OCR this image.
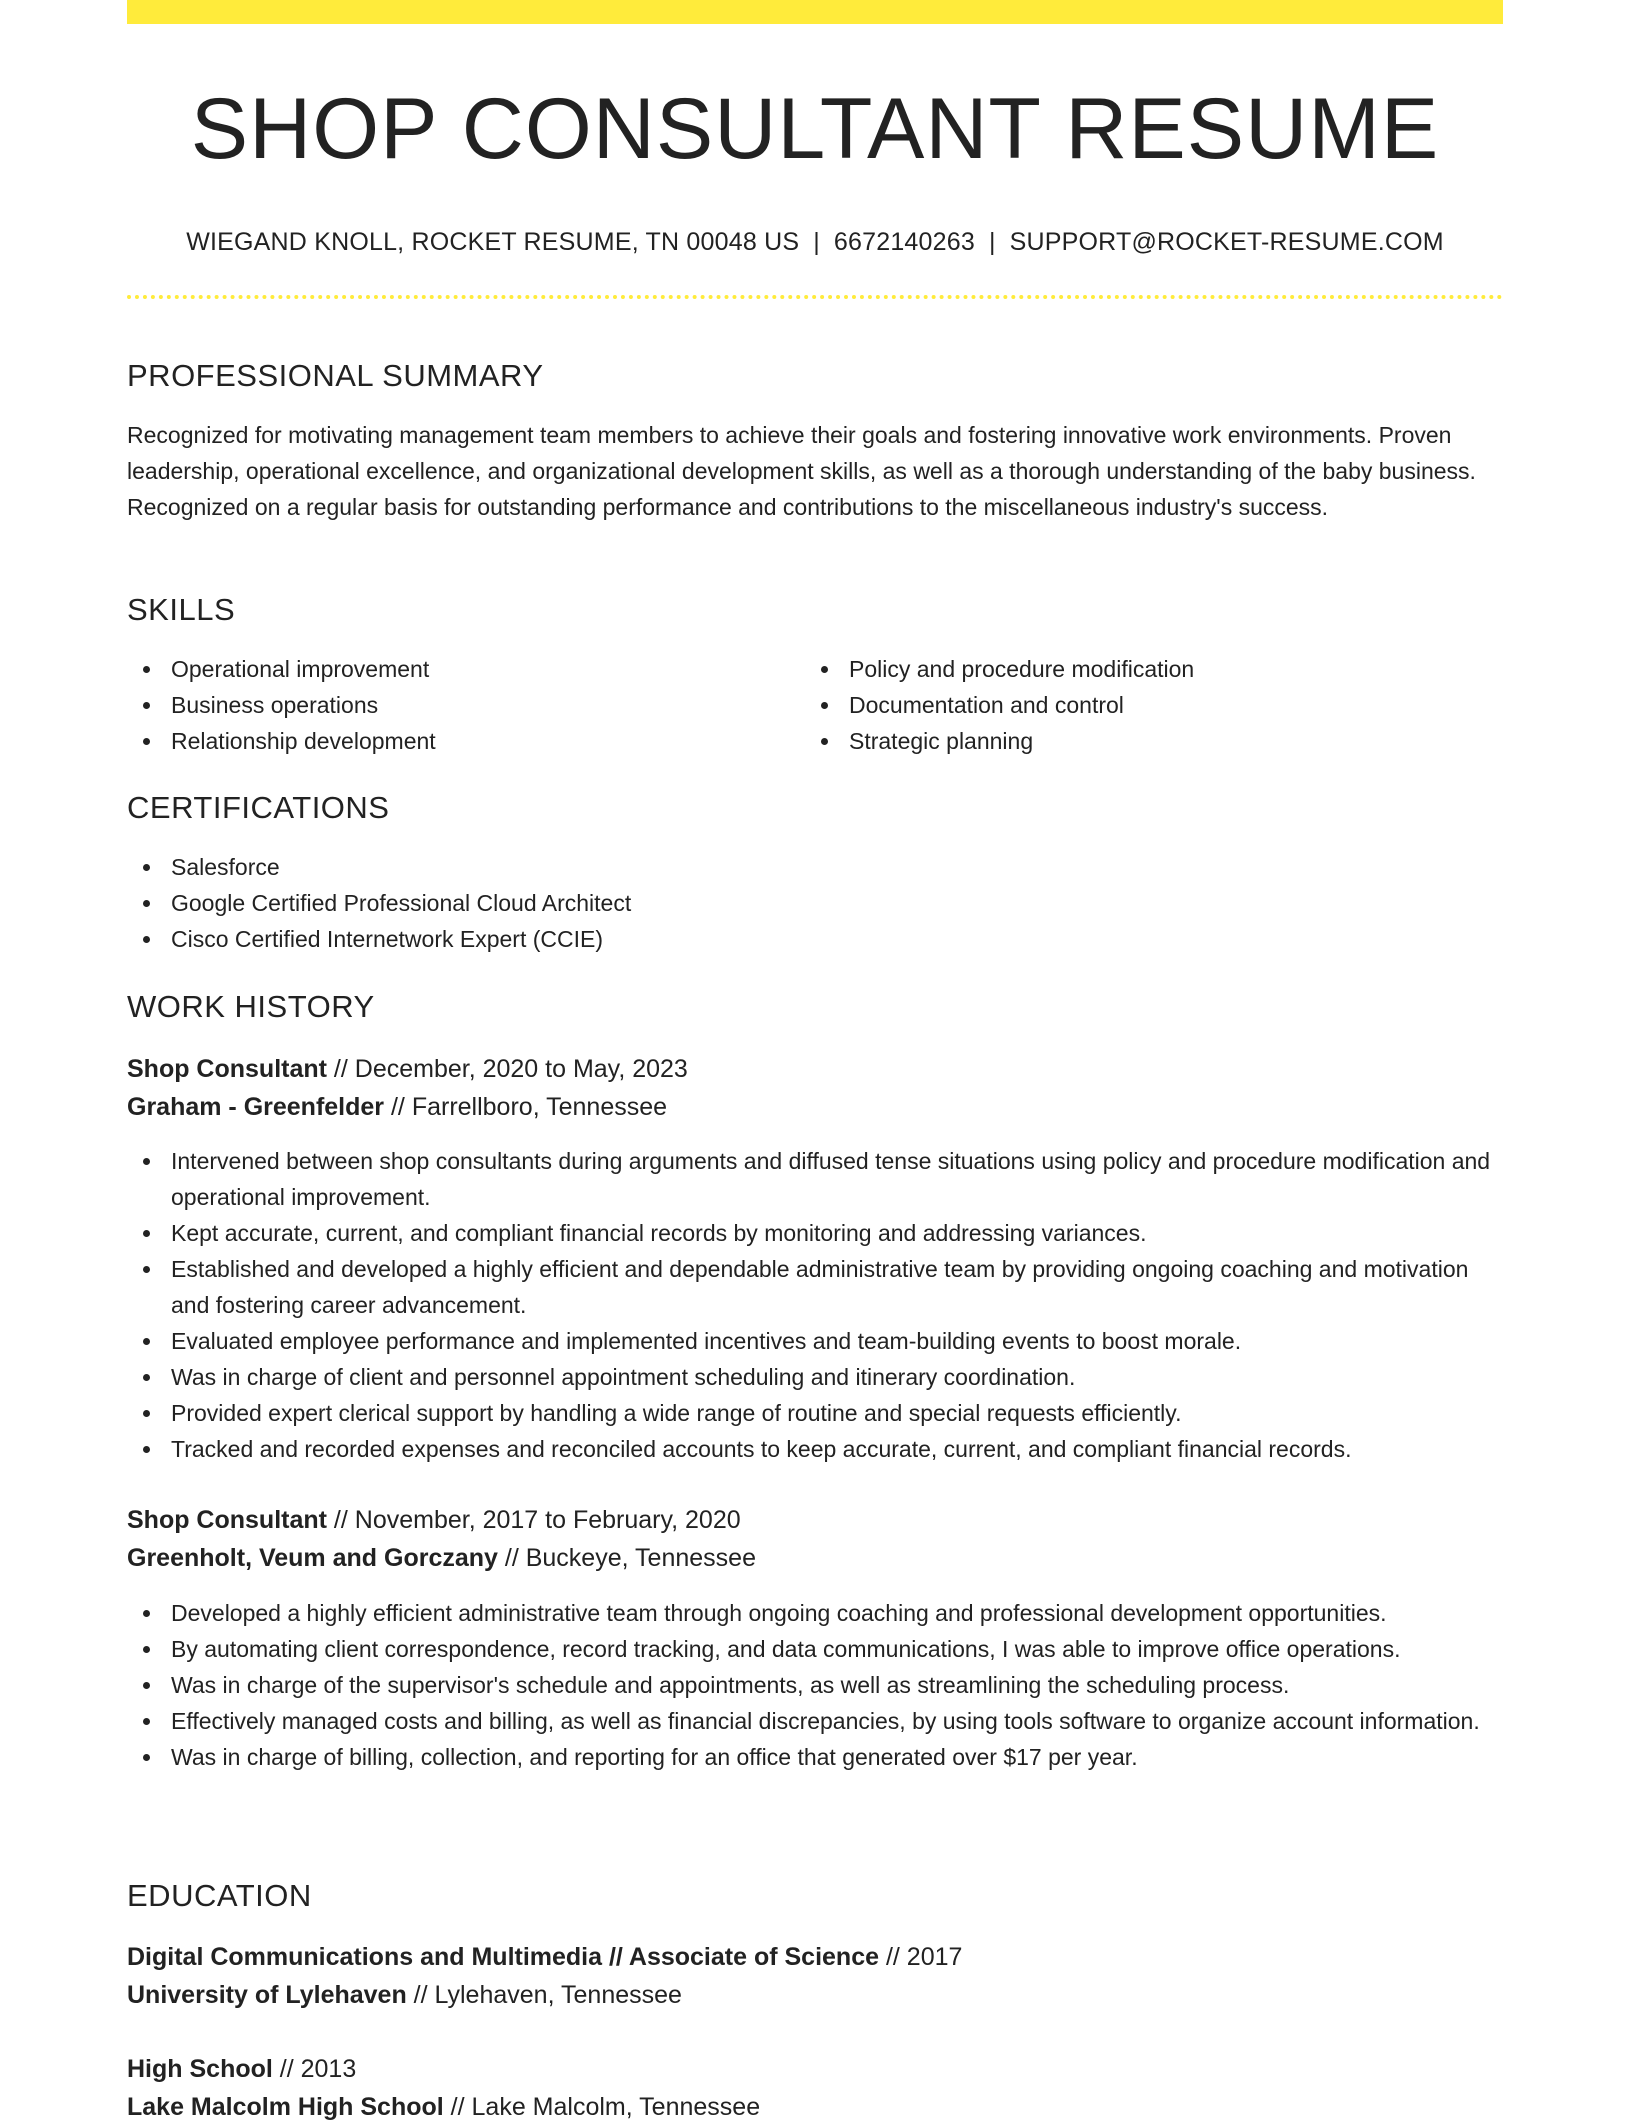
SHOP CONSULTANT RESUME
WIEGAND KNOLL, ROCKET RESUME, TN 00048 US | 6672140263 | SUPPORT@ROCKET-RESUME.COM
PROFESSIONAL SUMMARY

Recognized for motivating management team members to achieve their goals and fostering innovative work environments. Proven leadership, operational excellence, and organizational development skills, as well as a thorough understanding of the baby business. Recognized on a regular basis for outstanding performance and contributions to the miscellaneous industry's success.

SKILLS
Operational improvement
Business operations
Relationship development
Policy and procedure modification
Documentation and control
Strategic planning
CERTIFICATIONS
Salesforce
Google Certified Professional Cloud Architect
Cisco Certified Internetwork Expert (CCIE)
WORK HISTORY
Shop Consultant // December, 2020 to May, 2023
Graham - Greenfelder // Farrellboro, Tennessee
Intervened between shop consultants during arguments and diffused tense situations using policy and procedure modification and operational improvement.
Kept accurate, current, and compliant financial records by monitoring and addressing variances.
Established and developed a highly efficient and dependable administrative team by providing ongoing coaching and motivation and fostering career advancement.
Evaluated employee performance and implemented incentives and team-building events to boost morale.
Was in charge of client and personnel appointment scheduling and itinerary coordination.
Provided expert clerical support by handling a wide range of routine and special requests efficiently.
Tracked and recorded expenses and reconciled accounts to keep accurate, current, and compliant financial records.
Shop Consultant // November, 2017 to February, 2020
Greenholt, Veum and Gorczany // Buckeye, Tennessee
Developed a highly efficient administrative team through ongoing coaching and professional development opportunities.
By automating client correspondence, record tracking, and data communications, I was able to improve office operations.
Was in charge of the supervisor's schedule and appointments, as well as streamlining the scheduling process.
Effectively managed costs and billing, as well as financial discrepancies, by using tools software to organize account information.
Was in charge of billing, collection, and reporting for an office that generated over $17 per year.
EDUCATION
Digital Communications and Multimedia // Associate of Science // 2017
University of Lylehaven // Lylehaven, Tennessee
High School // 2013
Lake Malcolm High School // Lake Malcolm, Tennessee
